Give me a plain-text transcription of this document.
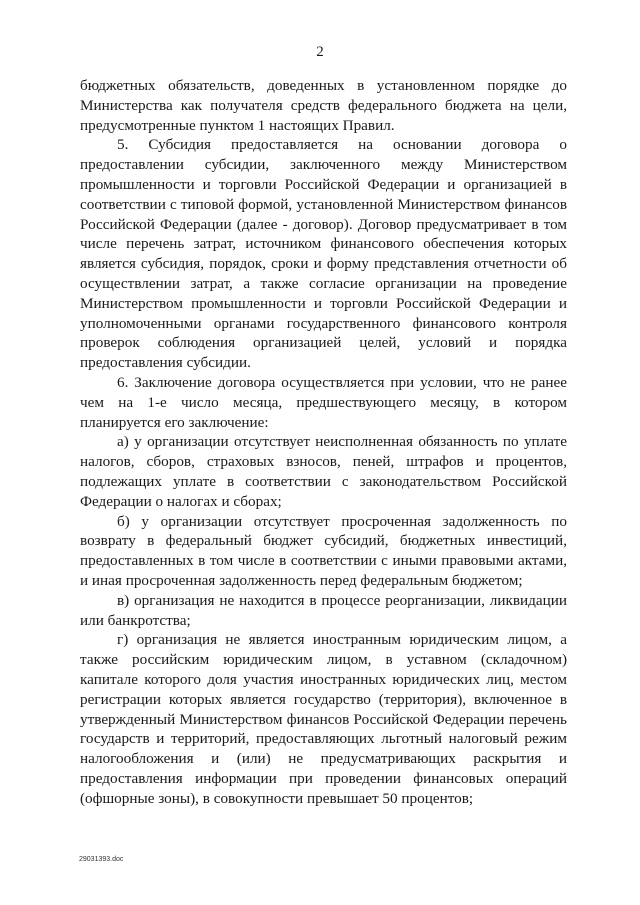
2

бюджетных обязательств, доведенных в установленном порядке до Министерства как получателя средств федерального бюджета на цели, предусмотренные пунктом 1 настоящих Правил.

5. Субсидия предоставляется на основании договора о предоставлении субсидии, заключенного между Министерством промышленности и торговли Российской Федерации и организацией в соответствии с типовой формой, установленной Министерством финансов Российской Федерации (далее - договор). Договор предусматривает в том числе перечень затрат, источником финансового обеспечения которых является субсидия, порядок, сроки и форму представления отчетности об осуществлении затрат, а также согласие организации на проведение Министерством промышленности и торговли Российской Федерации и уполномоченными органами государственного финансового контроля проверок соблюдения организацией целей, условий и порядка предоставления субсидии.

6. Заключение договора осуществляется при условии, что не ранее чем на 1-е число месяца, предшествующего месяцу, в котором планируется его заключение:

а) у организации отсутствует неисполненная обязанность по уплате налогов, сборов, страховых взносов, пеней, штрафов и процентов, подлежащих уплате в соответствии с законодательством Российской Федерации о налогах и сборах;

б) у организации отсутствует просроченная задолженность по возврату в федеральный бюджет субсидий, бюджетных инвестиций, предоставленных в том числе в соответствии с иными правовыми актами, и иная просроченная задолженность перед федеральным бюджетом;

в) организация не находится в процессе реорганизации, ликвидации или банкротства;

г) организация не является иностранным юридическим лицом, а также российским юридическим лицом, в уставном (складочном) капитале которого доля участия иностранных юридических лиц, местом регистрации которых является государство (территория), включенное в утвержденный Министерством финансов Российской Федерации перечень государств и территорий, предоставляющих льготный налоговый режим налогообложения и (или) не предусматривающих раскрытия и предоставления информации при проведении финансовых операций (офшорные зоны), в совокупности превышает 50 процентов;

29031393.doc
